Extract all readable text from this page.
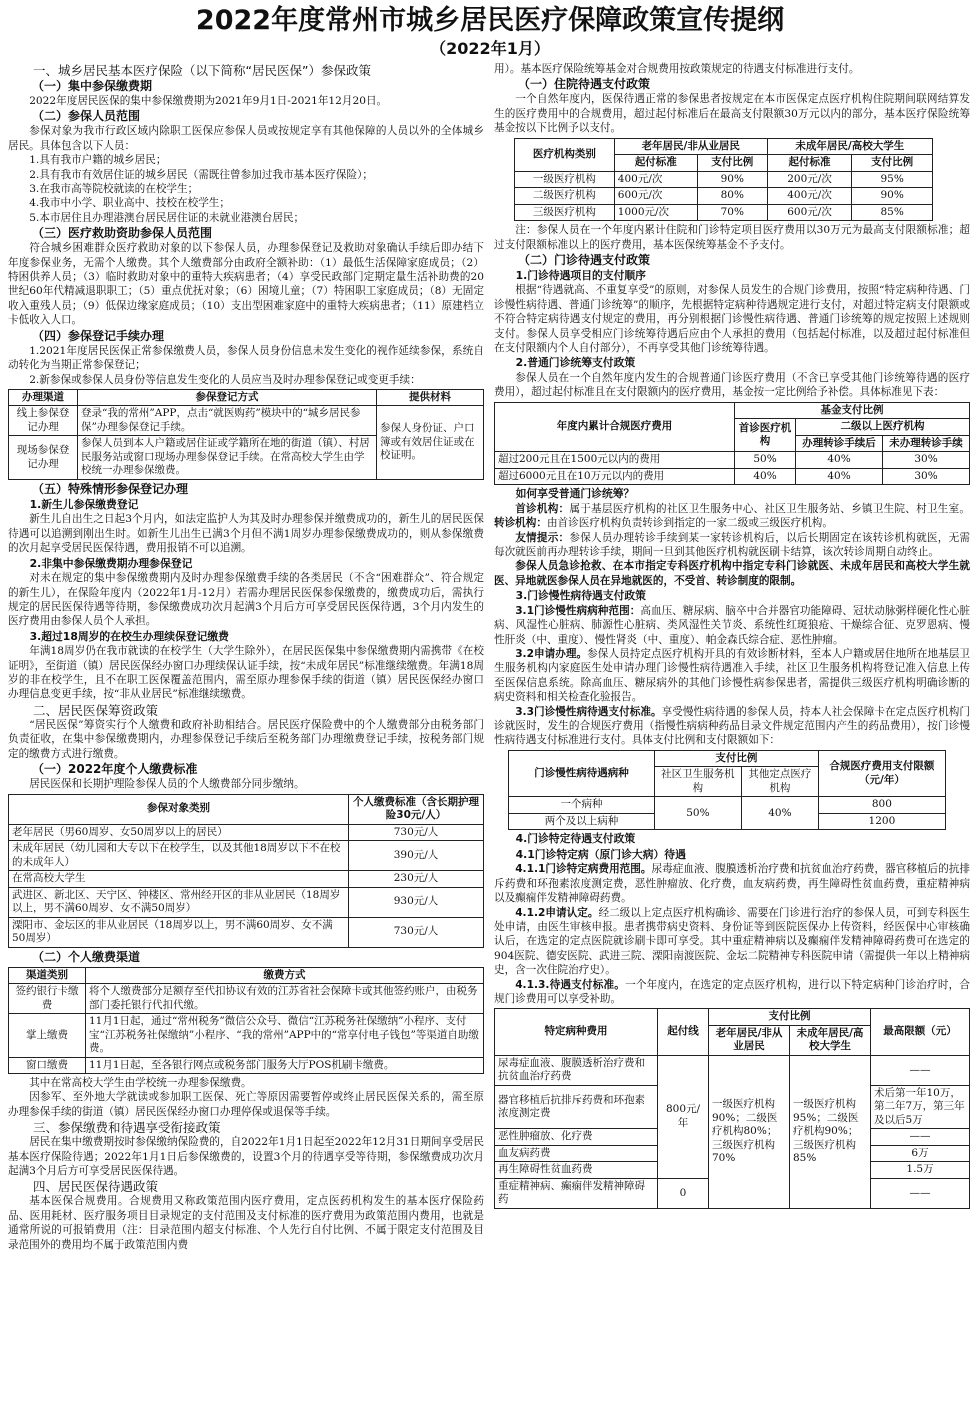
2022年度常州市城乡居民医疗保障政策宣传提纲
（2022年1月）
一、城乡居民基本医疗保险（以下简称“居民医保”）参保政策
（一）集中参保缴费期

2022年度居民医保的集中参保缴费期为2021年9月1日-2021年12月20日。

（二）参保人员范围

参保对象为我市行政区域内除职工医保应参保人员或按规定享有其他保障的人员以外的全体城乡居民。具体包含以下人员：

1.具有我市户籍的城乡居民；

2.具有我市有效居住证的城乡居民（需既往曾参加过我市基本医疗保险）；

3.在我市高等院校就读的在校学生；

4.我市中小学、职业高中、技校在校学生；

5.本市居住且办理港澳台居民居住证的未就业港澳台居民；

（三）医疗救助资助参保人员范围

符合城乡困难群众医疗救助对象的以下参保人员，办理参保登记及救助对象确认手续后即办结下年度参保业务，无需个人缴费。其个人缴费部分由政府全额补助：（1）最低生活保障家庭成员；（2）特困供养人员；（3）临时救助对象中的重特大疾病患者；（4）享受民政部门定期定量生活补助费的20世纪60年代精减退职职工；（5）重点优抚对象；（6）困境儿童；（7）特困职工家庭成员；（8）无固定收入重残人员；（9）低保边缘家庭成员；（10）支出型困难家庭中的重特大疾病患者；（11）原建档立卡低收入人口。

（四）参保登记手续办理

1.2021年度居民医保正常参保缴费人员，参保人员身份信息未发生变化的视作延续参保，系统自动转化为当期正常参保登记；

2.新参保或参保人员身份等信息发生变化的人员应当及时办理参保登记或变更手续：

办理渠道	参保登记方式	提供材料
线上参保登记办理	登录“我的常州”APP，点击“就医购药”模块中的“城乡居民参保”办理参保登记手续。	参保人身份证、户口簿或有效居住证或在校证明。
现场参保登记办理	参保人员到本人户籍或居住证或学籍所在地的街道（镇）、村居民服务站或窗口现场办理参保登记手续。在常高校大学生由学校统一办理参保缴费。	
（五）特殊情形参保登记办理
1.新生儿参保缴费登记

新生儿自出生之日起3个月内，如法定监护人为其及时办理参保并缴费成功的，新生儿的居民医保待遇可以追溯到刚出生时。如新生儿出生已满3个月但不满1周岁办理参保缴费成功的，则从参保缴费的次月起享受居民医保待遇，费用报销不可以追溯。

2.非集中参保缴费期办理参保登记

对未在规定的集中参保缴费期内及时办理参保缴费手续的各类居民（不含“困难群众”、符合规定的新生儿），在保险年度内（2022年1月-12月）若需办理居民医保参保缴费的，缴费成功后，需执行规定的居民医保待遇等待期，参保缴费成功次月起满3个月后方可享受居民医保待遇，3个月内发生的医疗费用由参保人员个人承担。

3.超过18周岁的在校生办理续保登记缴费

年满18周岁仍在我市就读的在校学生（大学生除外），在居民医保集中参保缴费期内需携带《在校证明》，至街道（镇）居民医保经办窗口办理续保认证手续，按“未成年居民”标准继续缴费。年满18周岁的非在校学生，且不在职工医保覆盖范围内，需至原办理参保手续的街道（镇）居民医保经办窗口办理信息变更手续，按“非从业居民”标准继续缴费。

二、居民医保筹资政策

“居民医保”筹资实行个人缴费和政府补助相结合。居民医疗保险费中的个人缴费部分由税务部门负责征收，在集中参保缴费期内，办理参保登记手续后至税务部门办理缴费登记手续，按税务部门规定的缴费方式进行缴费。

（一）2022年度个人缴费标准

居民医保和长期护理险参保人员的个人缴费部分同步缴纳。

参保对象类别	个人缴费标准（含长期护理险30元/人）
老年居民（男60周岁、女50周岁以上的居民）	730元/人
未成年居民（幼儿园和大专以下在校学生，以及其他18周岁以下不在校的未成年人）	390元/人
在常高校大学生	230元/人
武进区、新北区、天宁区、钟楼区、常州经开区的非从业居民（18周岁以上，男不满60周岁、女不满50周岁）	930元/人
溧阳市、金坛区的非从业居民（18周岁以上，男不满60周岁、女不满50周岁）	730元/人
（二）个人缴费渠道
渠道类别	缴费方式
签约银行卡缴费	将个人缴费部分足额存至代扣协议有效的江苏省社会保障卡或其他签约账户，由税务部门委托银行代扣代缴。
掌上缴费	11月1日起，通过“常州税务”微信公众号、微信“江苏税务社保缴纳”小程序、支付宝“江苏税务社保缴纳”小程序、“我的常州”APP中的“常享付电子钱包”等渠道自助缴费。
窗口缴费	11月1日起，至各银行网点或税务部门服务大厅POS机刷卡缴费。

其中在常高校大学生由学校统一办理参保缴费。

因参军、至外地大学就读或参加职工医保、死亡等原因需要暂停或终止居民医保关系的，需至原办理参保手续的街道（镇）居民医保经办窗口办理停保或退保等手续。

三、参保缴费和待遇享受衔接政策

居民在集中缴费期按时参保缴纳保险费的，自2022年1月1日起至2022年12月31日期间享受居民基本医疗保险待遇；2022年1月1日后参保缴费的，设置3个月的待遇享受等待期，参保缴费成功次月起满3个月后方可享受居民医保待遇。

四、居民医保待遇政策

基本医保合规费用。合规费用又称政策范围内医疗费用，定点医药机构发生的基本医疗保险药品、医用耗材、医疗服务项目目录规定的支付范围及支付标准的医疗费用为政策范围内费用，也就是通常所说的可报销费用（注：目录范围内超支付标准、个人先行自付比例、不属于限定支付范围及目录范围外的费用均不属于政策范围内费

用）。基本医疗保险统筹基金对合规费用按政策规定的待遇支付标准进行支付。

（一）住院待遇支付政策

一个自然年度内，医保待遇正常的参保患者按规定在本市医保定点医疗机构住院期间联网结算发生的医疗费用中的合规费用，超过起付标准后在最高支付限额30万元以内的部分，基本医疗保险统筹基金按以下比例予以支付。

医疗机构类别	老年居民/非从业居民		未成年居民/高校大学生	
	起付标准	支付比例	起付标准	支付比例
一级医疗机构	400元/次	90%	200元/次	95%
二级医疗机构	600元/次	80%	400元/次	90%
三级医疗机构	1000元/次	70%	600元/次	85%

注：参保人员在一个年度内累计住院和门诊特定项目医疗费用以30万元为最高支付限额标准；超过支付限额标准以上的医疗费用，基本医保统筹基金不予支付。

（二）门诊待遇支付政策
1.门诊待遇项目的支付顺序

根据“待遇就高、不重复享受”的原则，对参保人员发生的合规门诊费用，按照“特定病种待遇、门诊慢性病待遇、普通门诊统筹”的顺序，先根据特定病种待遇规定进行支付，对超过特定病支付限额或不符合特定病待遇支付规定的费用，再分别根据门诊慢性病待遇、普通门诊统筹的规定按照上述规则支付。参保人员享受相应门诊统筹待遇后应由个人承担的费用（包括起付标准，以及超过起付标准但在支付限额内个人自付部分），不再享受其他门诊统筹待遇。

2.普通门诊统筹支付政策

参保人员在一个自然年度内发生的合规普通门诊医疗费用（不含已享受其他门诊统筹待遇的医疗费用），超过起付标准且在支付限额内的医疗费用，基金按一定比例给予补偿。具体标准见下表：

年度内累计合规医疗费用	基金支付比例		
	首诊医疗机构	二级以上医疗机构	
		办理转诊手续后	未办理转诊手续
超过200元且在1500元以内的费用	50%	40%	30%
超过6000元且在10万元以内的费用	40%	40%	30%
如何享受普通门诊统筹？

首诊机构：属于基层医疗机构的社区卫生服务中心、社区卫生服务站、乡镇卫生院、村卫生室。转诊机构：由首诊医疗机构负责转诊到指定的一家二级或三级医疗机构。

友情提示：参保人员办理转诊手续到某一家转诊机构后，以后长期固定在该转诊机构就医，无需每次就医前再办理转诊手续，期间一旦到其他医疗机构就医刷卡结算，该次转诊周期自动终止。

参保人员急诊抢救、在本市指定专科医疗机构中指定专科门诊就医、未成年居民和高校大学生就医、异地就医参保人员在异地就医的，不受首、转诊制度的限制。

3.门诊慢性病待遇支付政策

3.1门诊慢性病病种范围：高血压、糖尿病、脑卒中合并器官功能障碍、冠状动脉粥样硬化性心脏病、风湿性心脏病、肺源性心脏病、类风湿性关节炎、系统性红斑狼疮、干燥综合征、克罗恩病、慢性肝炎（中、重度）、慢性肾炎（中、重度）、帕金森氏综合症、恶性肿瘤。

3.2申请办理。参保人员持定点医疗机构开具的有效诊断材料，至本人户籍或居住地所在地基层卫生服务机构内家庭医生处申请办理门诊慢性病待遇准入手续，社区卫生服务机构将登记准入信息上传至医保信息系统。除高血压、糖尿病外的其他门诊慢性病参保患者，需提供三级医疗机构明确诊断的病史资料和相关检查化验报告。

3.3门诊慢性病待遇支付标准。享受慢性病待遇的参保人员，持本人社会保障卡在定点医疗机构门诊就医时，发生的合规医疗费用（指慢性病病种药品目录文件规定范围内产生的药品费用），按门诊慢性病待遇支付标准进行支付。具体支付比例和支付限额如下：

门诊慢性病待遇病种	支付比例		合规医疗费用支付限额（元/年）
	社区卫生服务机构	其他定点医疗机构	
一个病种	50%	40%	800
两个及以上病种			1200
4.门诊特定待遇支付政策
4.1门诊特定病（原门诊大病）待遇

4.1.1门诊特定病费用范围。尿毒症血液、腹膜透析治疗费和抗贫血治疗药费，器官移植后的抗排斥药费和环孢素浓度测定费，恶性肿瘤放、化疗费，血友病药费，再生障碍性贫血药费，重症精神病以及癫痫伴发精神障碍药费。

4.1.2申请认定。经二级以上定点医疗机构确诊、需要在门诊进行治疗的参保人员，可到专科医生处申请，由医生审核申报。患者携带病史资料、身份证等到医院医保办上传资料，经医保中心审核确认后，在选定的定点医院就诊刷卡即可享受。其中重症精神病以及癫痫伴发精神障碍药费可在选定的904医院、德安医院、武进三院、溧阳南渡医院、金坛二院精神专科医院申请（需提供一年以上精神病史，含一次住院治疗史）。

4.1.3.待遇支付标准。一个年度内，在选定的定点医疗机构，进行以下特定病种门诊治疗时，合规门诊费用可以享受补助。

特定病种费用	起付线	支付比例		最高限额（元）
		老年居民/非从业居民	未成年居民/高校大学生	
尿毒症血液、腹膜透析治疗费和抗贫血治疗药费	800元/年	一级医疗机构90%；二级医疗机构80%；三级医疗机构70%	一级医疗机构95%；二级医疗机构90%；三级医疗机构85%	——
器官移植后抗排斥药费和环孢素浓度测定费				术后第一年10万，第二年7万，第三年及以后5万
恶性肿瘤放、化疗费				——
血友病药费				6万
再生障碍性贫血药费				1.5万
重症精神病、癫痫伴发精神障碍药	0			——
